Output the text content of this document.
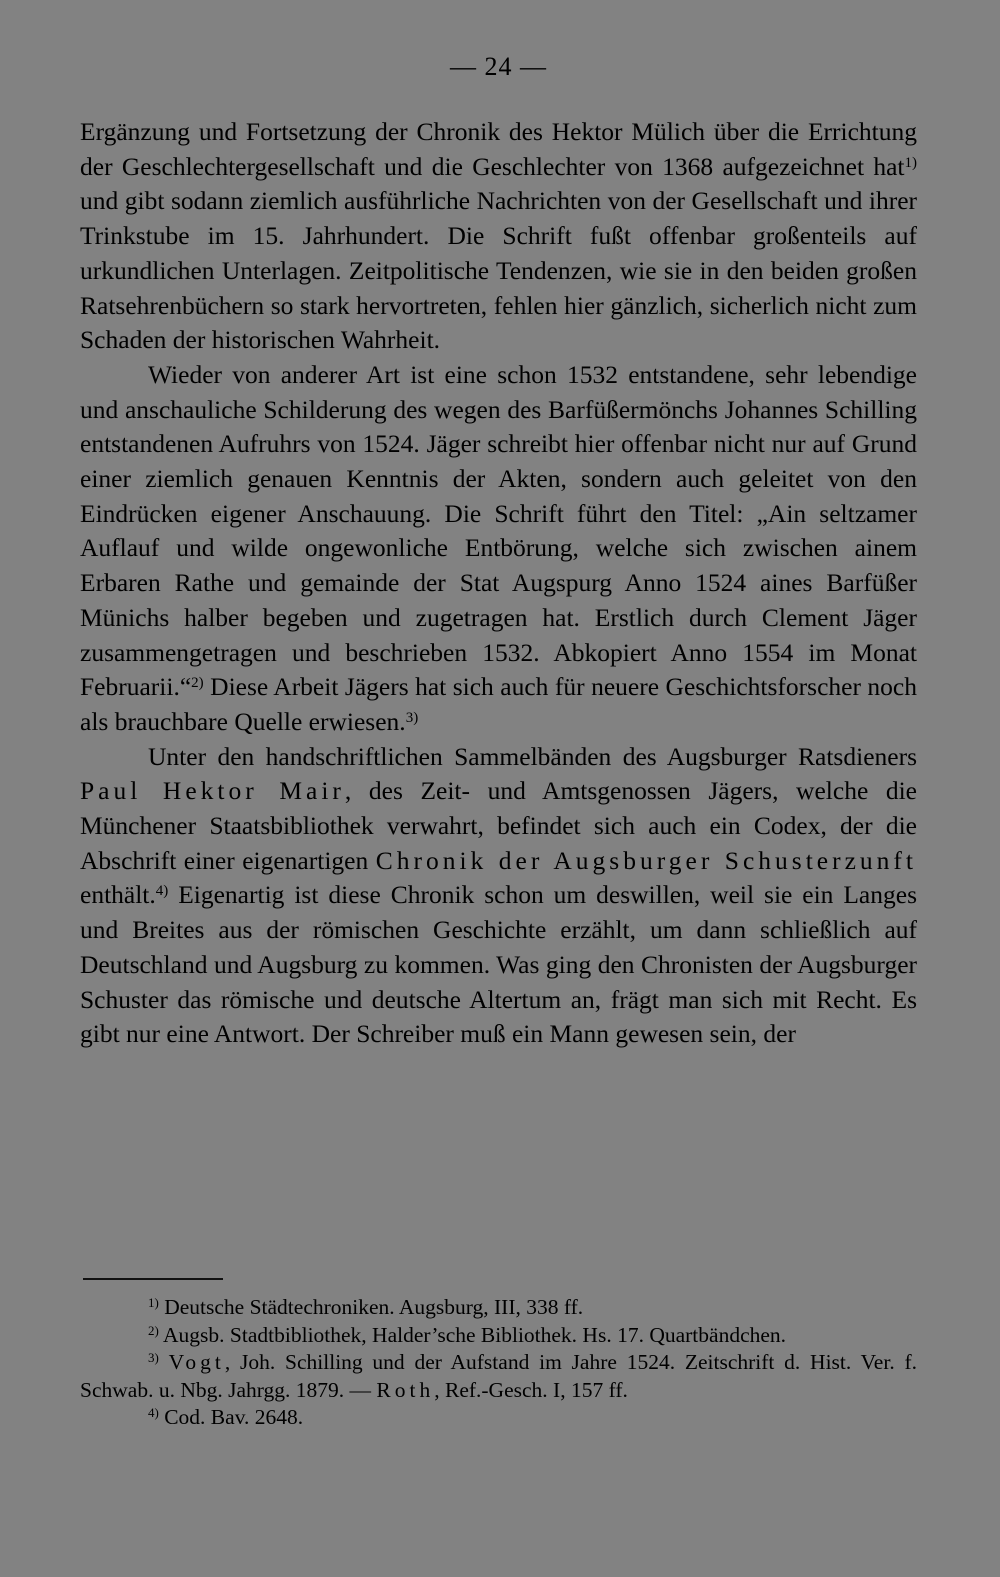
— 24 —

Ergänzung und Fortsetzung der Chronik des Hektor Mülich über die Errichtung der Geschlechtergesellschaft und die Geschlechter von 1368 aufgezeichnet hat$^{1)}$ und gibt sodann ziemlich ausführliche Nachrichten von der Gesellschaft und ihrer Trinkstube im 15. Jahrhundert. Die Schrift fußt offenbar großenteils auf urkundlichen Unterlagen. Zeitpolitische Tendenzen, wie sie in den beiden großen Ratsehrenbüchern so stark hervortreten, fehlen hier gänzlich, sicherlich nicht zum Schaden der historischen Wahrheit.

Wieder von anderer Art ist eine schon 1532 entstandene, sehr lebendige und anschauliche Schilderung des wegen des Barfüßermönchs Johannes Schilling entstandenen Aufruhrs von 1524. Jäger schreibt hier offenbar nicht nur auf Grund einer ziemlich genauen Kenntnis der Akten, sondern auch geleitet von den Eindrücken eigener Anschauung. Die Schrift führt den Titel: „Ain seltzamer Auflauf und wilde ongewonliche Entbörung, welche sich zwischen ainem Erbaren Rathe und gemainde der Stat Augspurg Anno 1524 aines Barfüßer Münichs halber begeben und zugetragen hat. Erstlich durch Clement Jäger zusammengetragen und beschrieben 1532. Abkopiert Anno 1554 im Monat Februarii.“$^{2)}$ Diese Arbeit Jägers hat sich auch für neuere Geschichtsforscher noch als brauchbare Quelle erwiesen.$^{3)}$

Unter den handschriftlichen Sammelbänden des Augsburger Ratsdieners Paul Hektor Mair, des Zeit- und Amtsgenossen Jägers, welche die Münchener Staatsbibliothek verwahrt, befindet sich auch ein Codex, der die Abschrift einer eigenartigen Chronik der Augsburger Schusterzunft enthält.$^{4)}$ Eigenartig ist diese Chronik schon um deswillen, weil sie ein Langes und Breites aus der römischen Geschichte erzählt, um dann schließlich auf Deutschland und Augsburg zu kommen. Was ging den Chronisten der Augsburger Schuster das römische und deutsche Altertum an, frägt man sich mit Recht. Es gibt nur eine Antwort. Der Schreiber muß ein Mann gewesen sein, der

$^{1)}$ Deutsche Städtechroniken. Augsburg, III, 338 ff.

$^{2)}$ Augsb. Stadtbibliothek, Halder’sche Bibliothek. Hs. 17. Quartbändchen.

$^{3)}$ Vogt, Joh. Schilling und der Aufstand im Jahre 1524. Zeitschrift d. Hist. Ver. f. Schwab. u. Nbg. Jahrgg. 1879. — Roth, Ref.-Gesch. I, 157 ff.

$^{4)}$ Cod. Bav. 2648.
